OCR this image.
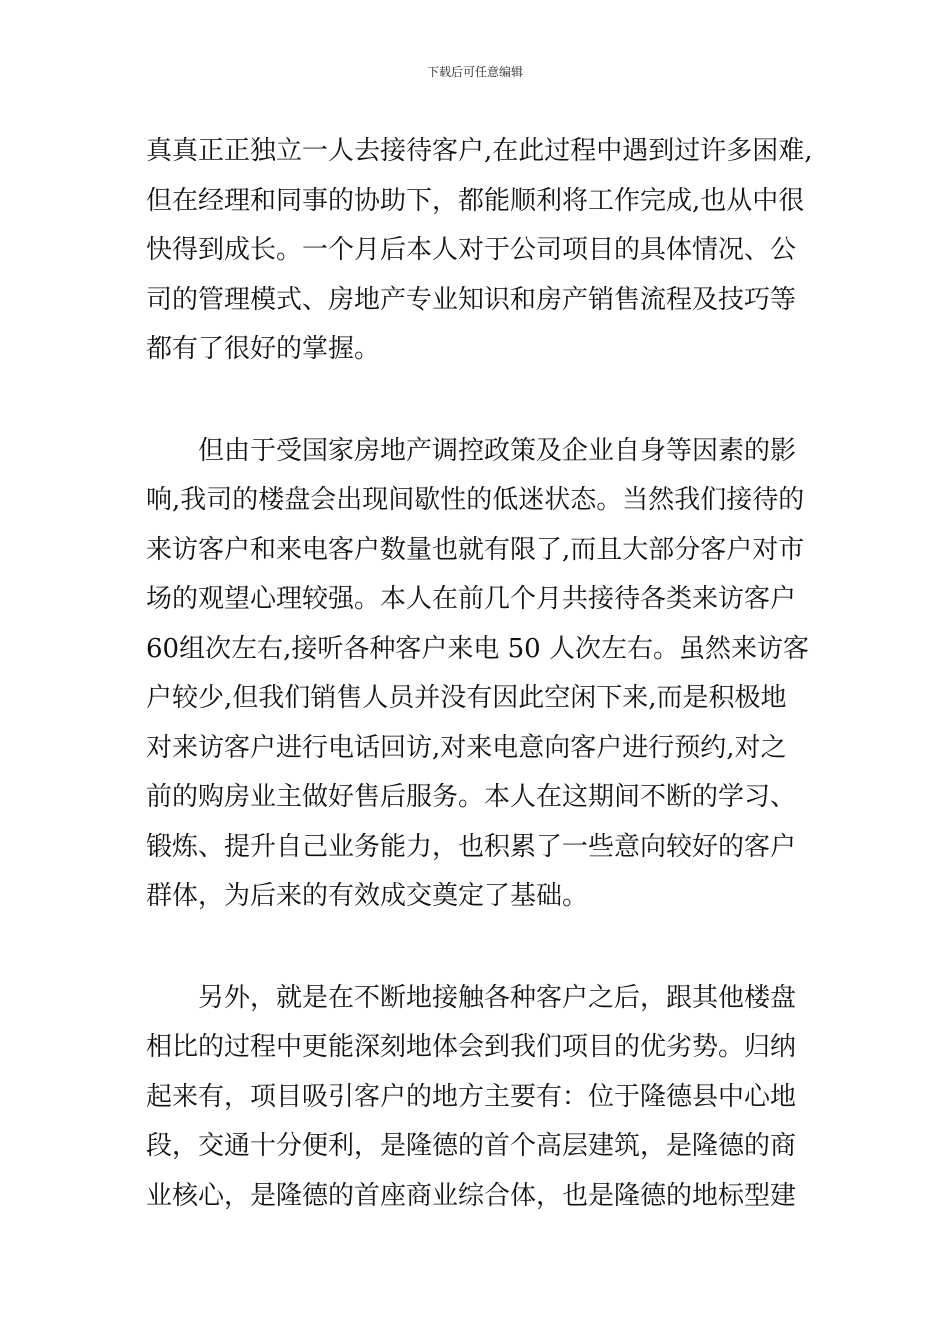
下载后可任意编辑

真真正正独立一人去接待客户,在此过程中遇到过许多困难,
但在经理和同事的协助下，都能顺利将工作完成,也从中很
快得到成长。一个月后本人对于公司项目的具体情况、公
司的管理模式、房地产专业知识和房产销售流程及技巧等
都有了很好的掌握。

　　但由于受国家房地产调控政策及企业自身等因素的影
响,我司的楼盘会出现间歇性的低迷状态。当然我们接待的
来访客户和来电客户数量也就有限了,而且大部分客户对市
场的观望心理较强。本人在前几个月共接待各类来访客户
60组次左右,接听各种客户来电 50 人次左右。虽然来访客
户较少,但我们销售人员并没有因此空闲下来,而是积极地
对来访客户进行电话回访,对来电意向客户进行预约,对之
前的购房业主做好售后服务。本人在这期间不断的学习、
锻炼、提升自己业务能力，也积累了一些意向较好的客户
群体，为后来的有效成交奠定了基础。

　　另外，就是在不断地接触各种客户之后，跟其他楼盘
相比的过程中更能深刻地体会到我们项目的优劣势。归纳
起来有，项目吸引客户的地方主要有：位于隆德县中心地
段，交通十分便利，是隆德的首个高层建筑，是隆德的商
业核心，是隆德的首座商业综合体，也是隆德的地标型建
